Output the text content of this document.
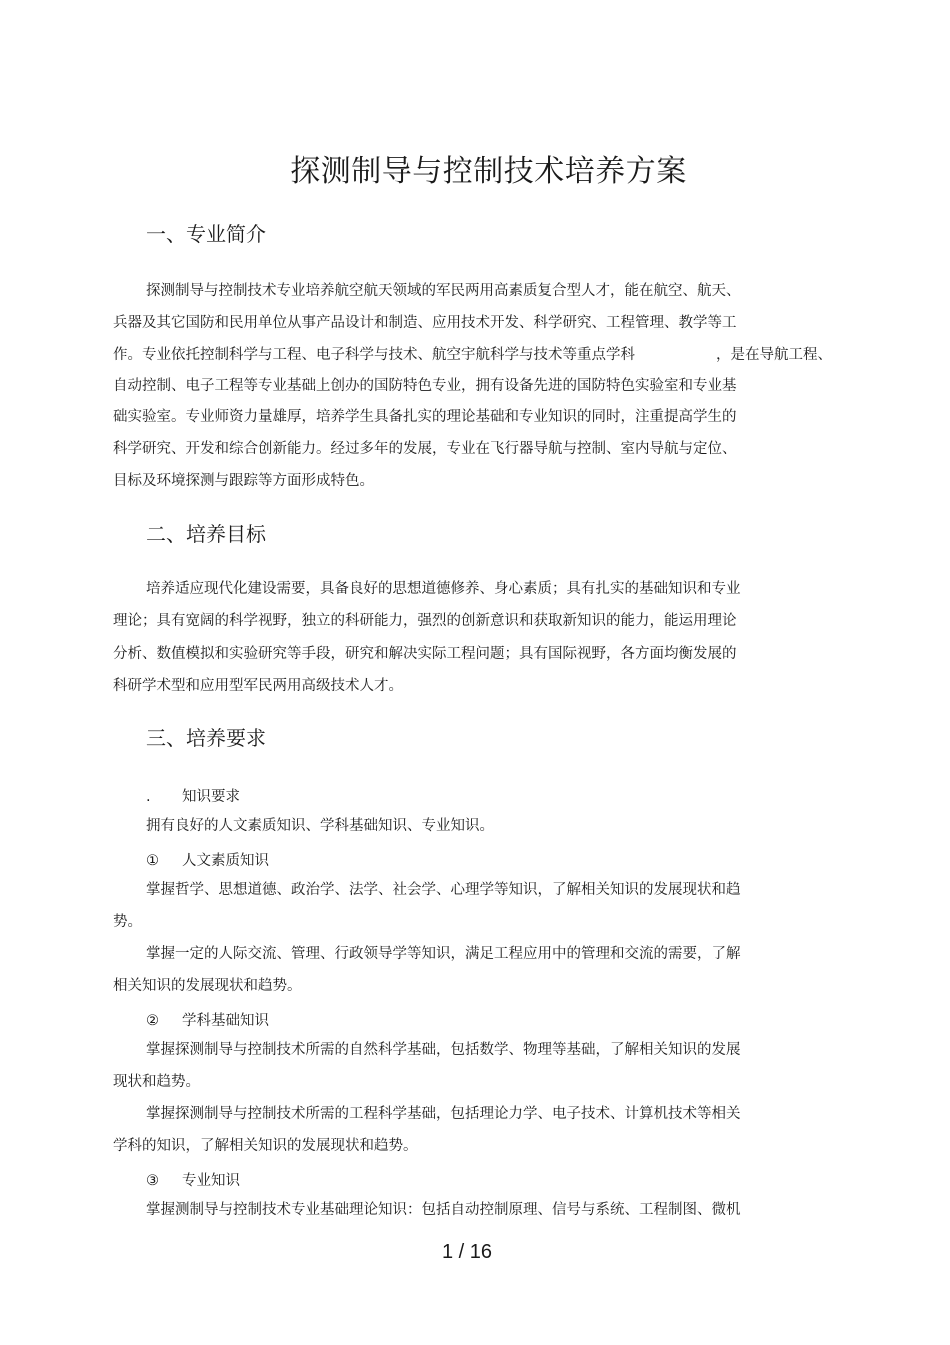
探测制导与控制技术培养方案
一、专业简介
探测制导与控制技术专业培养航空航天领域的军民两用高素质复合型人才，能在航空、航天、
兵器及其它国防和民用单位从事产品设计和制造、应用技术开发、科学研究、工程管理、教学等工
作。专业依托控制科学与工程、电子科学与技术、航空宇航科学与技术等重点学科	，是在导航工程、
自动控制、电子工程等专业基础上创办的国防特色专业，拥有设备先进的国防特色实验室和专业基
础实验室。专业师资力量雄厚，培养学生具备扎实的理论基础和专业知识的同时，注重提高学生的
科学研究、开发和综合创新能力。经过多年的发展，专业在飞行器导航与控制、室内导航与定位、
目标及环境探测与跟踪等方面形成特色。
二、培养目标
培养适应现代化建设需要，具备良好的思想道德修养、身心素质；具有扎实的基础知识和专业
理论；具有宽阔的科学视野，独立的科研能力，强烈的创新意识和获取新知识的能力，能运用理论
分析、数值模拟和实验研究等手段，研究和解决实际工程问题；具有国际视野，各方面均衡发展的
科研学术型和应用型军民两用高级技术人才。
三、培养要求
. 知识要求
拥有良好的人文素质知识、学科基础知识、专业知识。
① 人文素质知识
掌握哲学、思想道德、政治学、法学、社会学、心理学等知识，了解相关知识的发展现状和趋
势。
掌握一定的人际交流、管理、行政领导学等知识，满足工程应用中的管理和交流的需要，了解
相关知识的发展现状和趋势。
② 学科基础知识
掌握探测制导与控制技术所需的自然科学基础，包括数学、物理等基础，了解相关知识的发展
现状和趋势。
掌握探测制导与控制技术所需的工程科学基础，包括理论力学、电子技术、计算机技术等相关
学科的知识，了解相关知识的发展现状和趋势。
③ 专业知识
掌握测制导与控制技术专业基础理论知识：包括自动控制原理、信号与系统、工程制图、微机
1 / 16
